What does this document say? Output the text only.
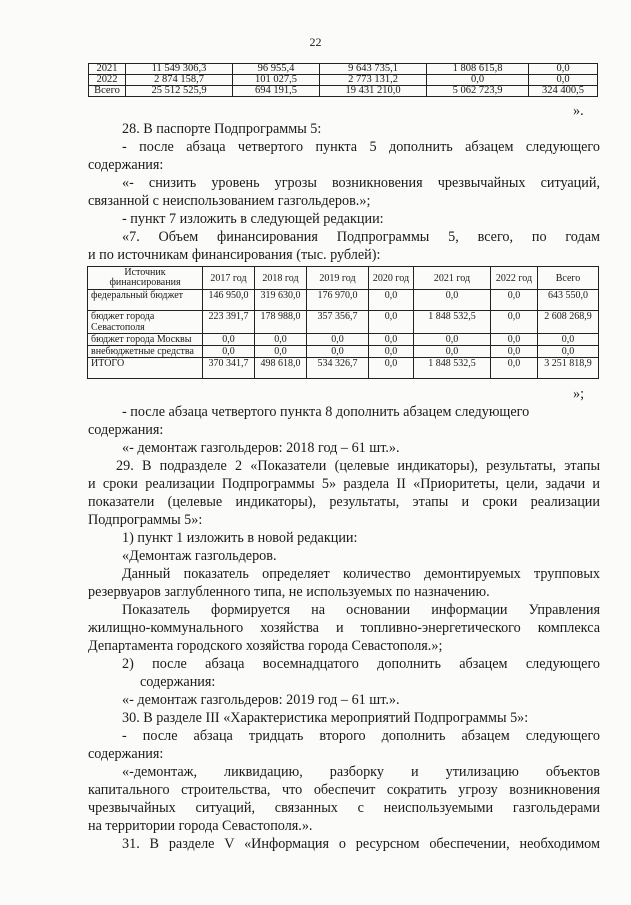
22
2021	11 549 306,3	96 955,4	9 643 735,1	1 808 615,8	0,0
2022	2 874 158,7	101 027,5	2 773 131,2	0,0	0,0
Всего	25 512 525,9	694 191,5	19 431 210,0	5 062 723,9	324 400,5
».
28. В паспорте Подпрограммы 5:
- после абзаца четвертого пункта 5 дополнить абзацем следующего
содержания:
«- снизить уровень угрозы возникновения чрезвычайных ситуаций,
связанной с неиспользованием газгольдеров.»;
- пункт 7 изложить в следующей редакции:
«7. Объем финансирования Подпрограммы 5, всего, по годам
и по источникам финансирования (тыс. рублей):
Источник финансирования	2017 год	2018 год	2019 год	2020 год	2021 год	2022 год	Всего
федеральный бюджет	146 950,0	319 630,0	176 970,0	0,0	0,0	0,0	643 550,0
бюджет города Севастополя	223 391,7	178 988,0	357 356,7	0,0	1 848 532,5	0,0	2 608 268,9
бюджет города Москвы	0,0	0,0	0,0	0,0	0,0	0,0	0,0
внебюджетные средства	0,0	0,0	0,0	0,0	0,0	0,0	0,0
ИТОГО	370 341,7	498 618,0	534 326,7	0,0	1 848 532,5	0,0	3 251 818,9
»;
- после абзаца четвертого пункта 8 дополнить абзацем следующего
содержания:
«- демонтаж газгольдеров: 2018 год – 61 шт.».
29. В подразделе 2 «Показатели (целевые индикаторы), результаты, этапы
и сроки реализации Подпрограммы 5» раздела II «Приоритеты, цели, задачи и
показатели (целевые индикаторы), результаты, этапы и сроки реализации
Подпрограммы 5»:
1) пункт 1 изложить в новой редакции:
«Демонтаж газгольдеров.
Данный показатель определяет количество демонтируемых трупповых
резервуаров заглубленного типа, не используемых по назначению.
Показатель формируется на основании информации Управления
жилищно-коммунального хозяйства и топливно-энергетического комплекса
Департамента городского хозяйства города Севастополя.»;
2) после абзаца восемнадцатого дополнить абзацем следующего
содержания:
«- демонтаж газгольдеров: 2019 год – 61 шт.».
30. В разделе III «Характеристика мероприятий Подпрограммы 5»:
- после абзаца тридцать второго дополнить абзацем следующего
содержания:
«-демонтаж, ликвидацию, разборку и утилизацию объектов
капитального строительства, что обеспечит сократить угрозу возникновения
чрезвычайных ситуаций, связанных с неиспользуемыми газгольдерами
на территории города Севастополя.».
31. В разделе V «Информация о ресурсном обеспечении, необходимом
